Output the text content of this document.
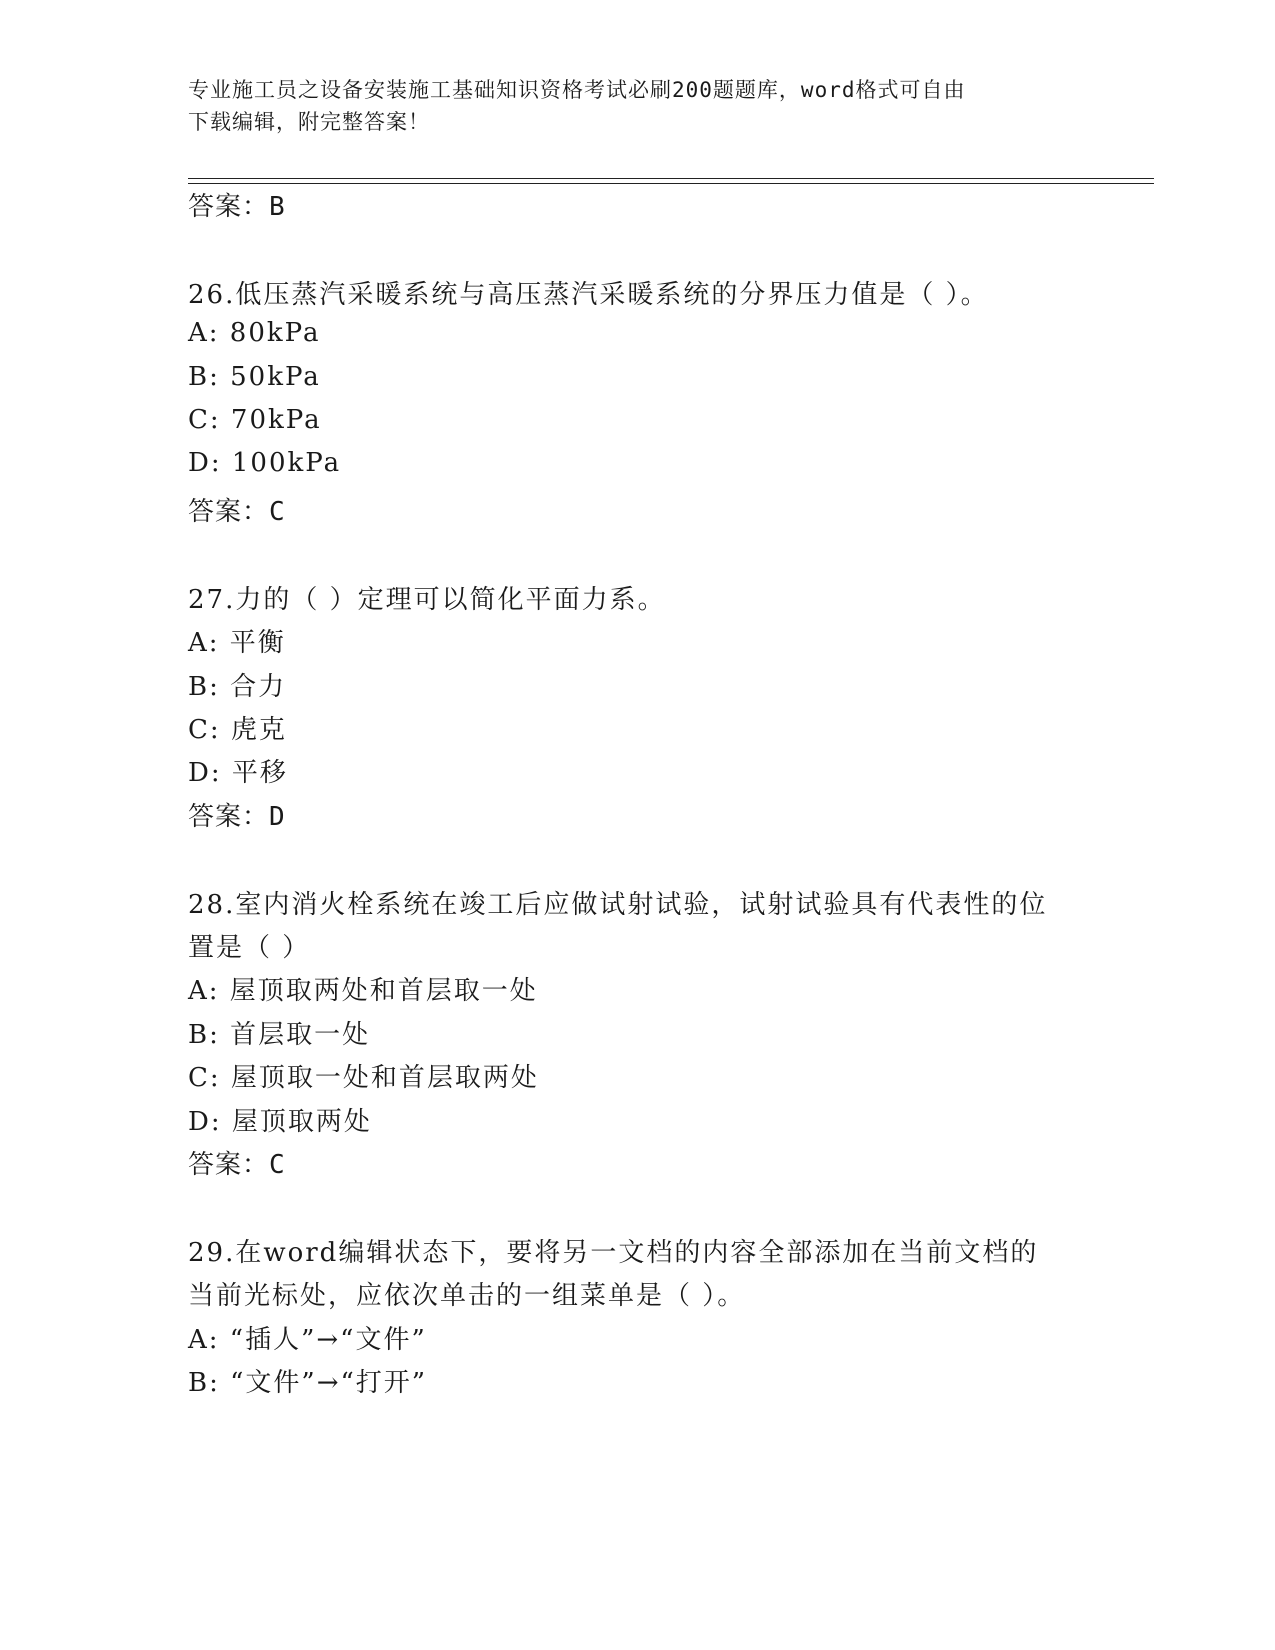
专业施工员之设备安装施工基础知识资格考试必刷200题题库，word格式可自由
下载编辑，附完整答案！
答案：B
26.低压蒸汽采暖系统与高压蒸汽采暖系统的分界压力值是（ ）。
A: 80kPa
B: 50kPa
C: 70kPa
D: 100kPa
答案：C
27.力的（ ）定理可以简化平面力系。
A: 平衡
B: 合力
C: 虎克
D: 平移
答案：D
28.室内消火栓系统在竣工后应做试射试验，试射试验具有代表性的位
置是（ ）
A: 屋顶取两处和首层取一处
B: 首层取一处
C: 屋顶取一处和首层取两处
D: 屋顶取两处
答案：C
29.在word编辑状态下，要将另一文档的内容全部添加在当前文档的
当前光标处，应依次单击的一组菜单是（ ）。
A: “插人”→“文件”
B: “文件”→“打开”
